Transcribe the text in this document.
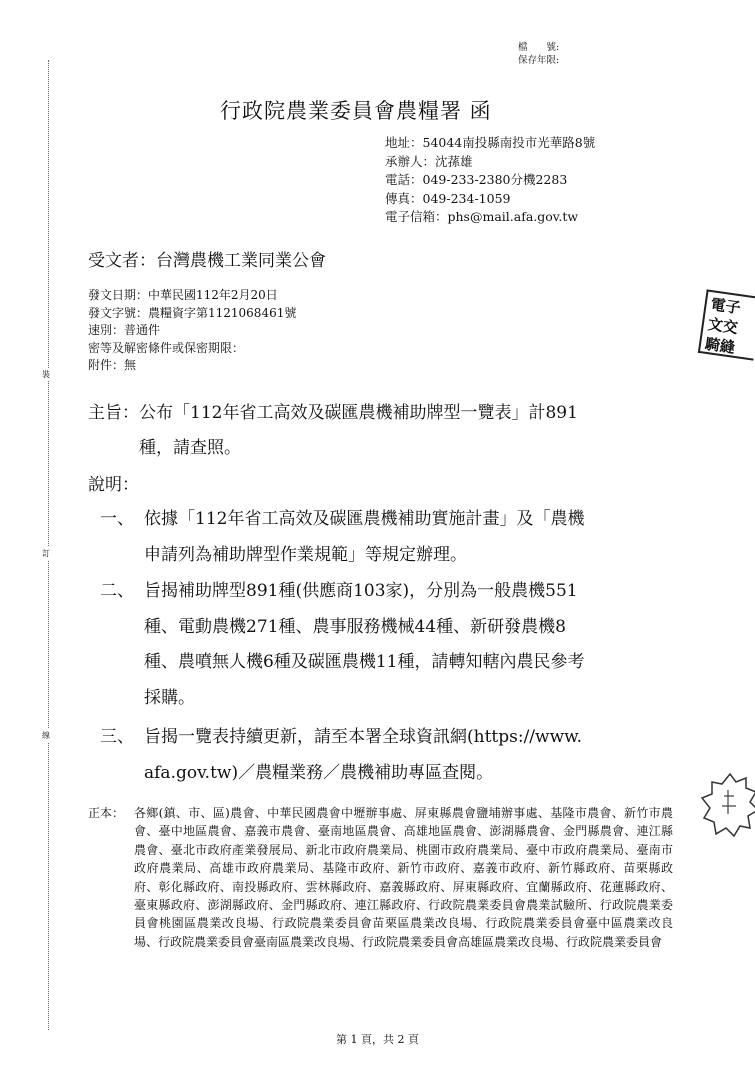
裝
訂
線
檔　　號:
保存年限:
行政院農業委員會農糧署 函
地址：54044南投縣南投市光華路8號
承辦人：沈蓀雄
電話：049-233-2380分機2283
傳真：049-234-1059
電子信箱：phs@mail.afa.gov.tw
受文者：台灣農機工業同業公會
發文日期：中華民國112年2月20日
發文字號：農糧資字第1121068461號
速別：普通件
密等及解密條件或保密期限：
附件：無
主旨：公布「112年省工高效及碳匯農機補助牌型一覽表」計891
種，請查照。
說明：
一、 依據「112年省工高效及碳匯農機補助實施計畫」及「農機
申請列為補助牌型作業規範」等規定辦理。
二、 旨揭補助牌型891種(供應商103家)，分別為一般農機551
種、電動農機271種、農事服務機械44種、新研發農機8
種、農噴無人機6種及碳匯農機11種，請轉知轄內農民參考
採購。
三、 旨揭一覽表持續更新，請至本署全球資訊網(https://www.
afa.gov.tw)／農糧業務／農機補助專區查閱。
正本： 各鄉(鎮、市、區)農會、中華民國農會中壢辦事處、屏東縣農會鹽埔辦事處、基隆市農會、新竹市農會、臺中地區農會、嘉義市農會、臺南地區農會、高雄地區農會、澎湖縣農會、金門縣農會、連江縣農會、臺北市政府產業發展局、新北市政府農業局、桃園市政府農業局、臺中市政府農業局、臺南市政府農業局、高雄市政府農業局、基隆市政府、新竹市政府、嘉義市政府、新竹縣政府、苗栗縣政府、彰化縣政府、南投縣政府、雲林縣政府、嘉義縣政府、屏東縣政府、宜蘭縣政府、花蓮縣政府、臺東縣政府、澎湖縣政府、金門縣政府、連江縣政府、行政院農業委員會農業試驗所、行政院農業委員會桃園區農業改良場、行政院農業委員會苗栗區農業改良場、行政院農業委員會臺中區農業改良場、行政院農業委員會臺南區農業改良場、行政院農業委員會高雄區農業改良場、行政院農業委員會
電子
文交
騎縫
第 1 頁，共 2 頁
